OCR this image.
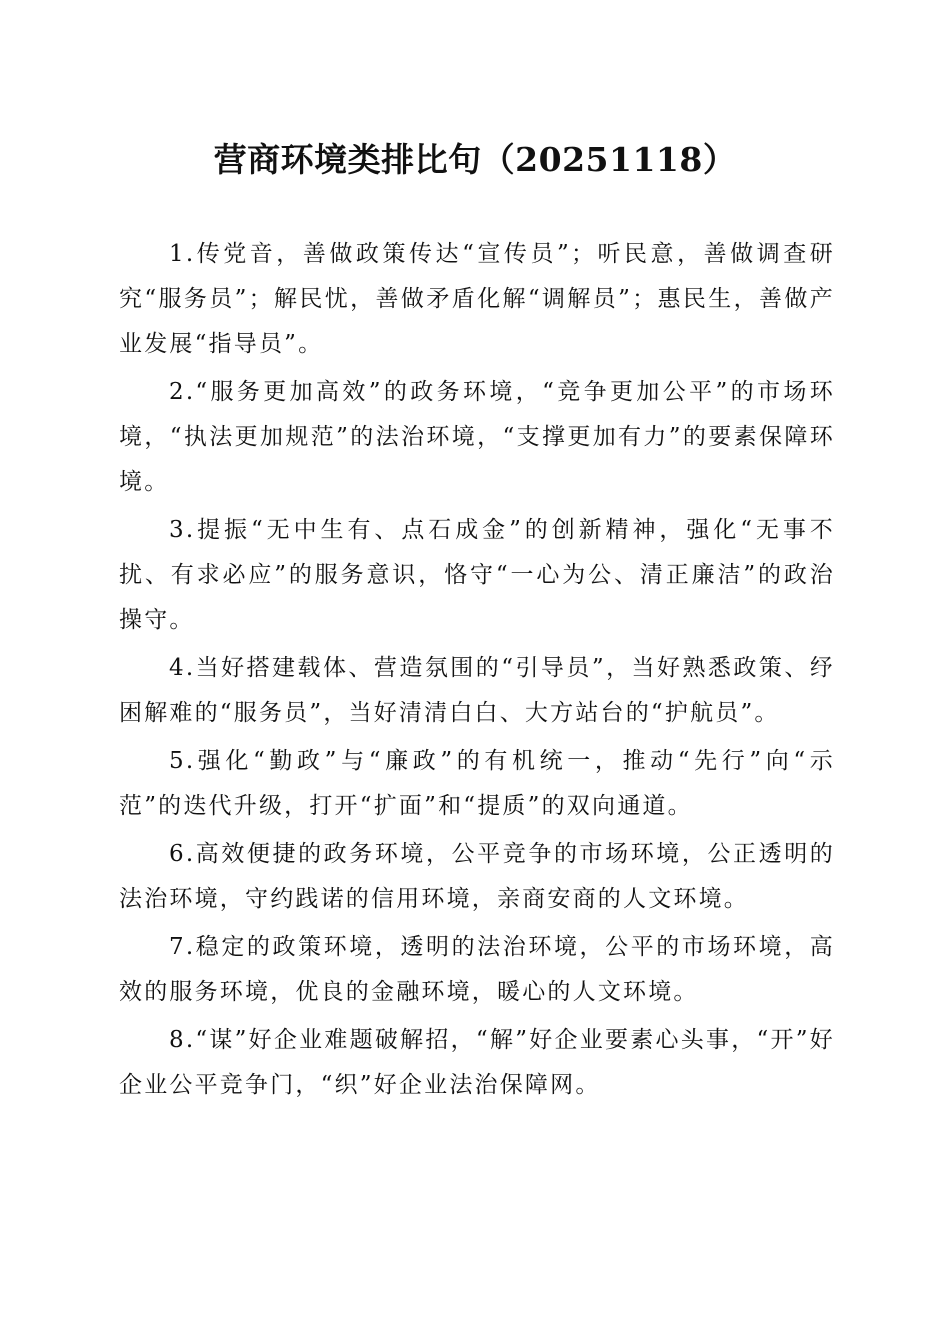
营商环境类排比句（20251118）

1.传党音，善做政策传达“宣传员”；听民意，善做调查研究“服务员”；解民忧，善做矛盾化解“调解员”；惠民生，善做产业发展“指导员”。

2.“服务更加高效”的政务环境，“竞争更加公平”的市场环境，“执法更加规范”的法治环境，“支撑更加有力”的要素保障环境。

3.提振“无中生有、点石成金”的创新精神，强化“无事不扰、有求必应”的服务意识，恪守“一心为公、清正廉洁”的政治操守。

4.当好搭建载体、营造氛围的“引导员”，当好熟悉政策、纾困解难的“服务员”，当好清清白白、大方站台的“护航员”。

5.强化“勤政”与“廉政”的有机统一，推动“先行”向“示范”的迭代升级，打开“扩面”和“提质”的双向通道。

6.高效便捷的政务环境，公平竞争的市场环境，公正透明的法治环境，守约践诺的信用环境，亲商安商的人文环境。

7.稳定的政策环境，透明的法治环境，公平的市场环境，高效的服务环境，优良的金融环境，暖心的人文环境。

8.“谋”好企业难题破解招，“解”好企业要素心头事，“开”好企业公平竞争门，“织”好企业法治保障网。
